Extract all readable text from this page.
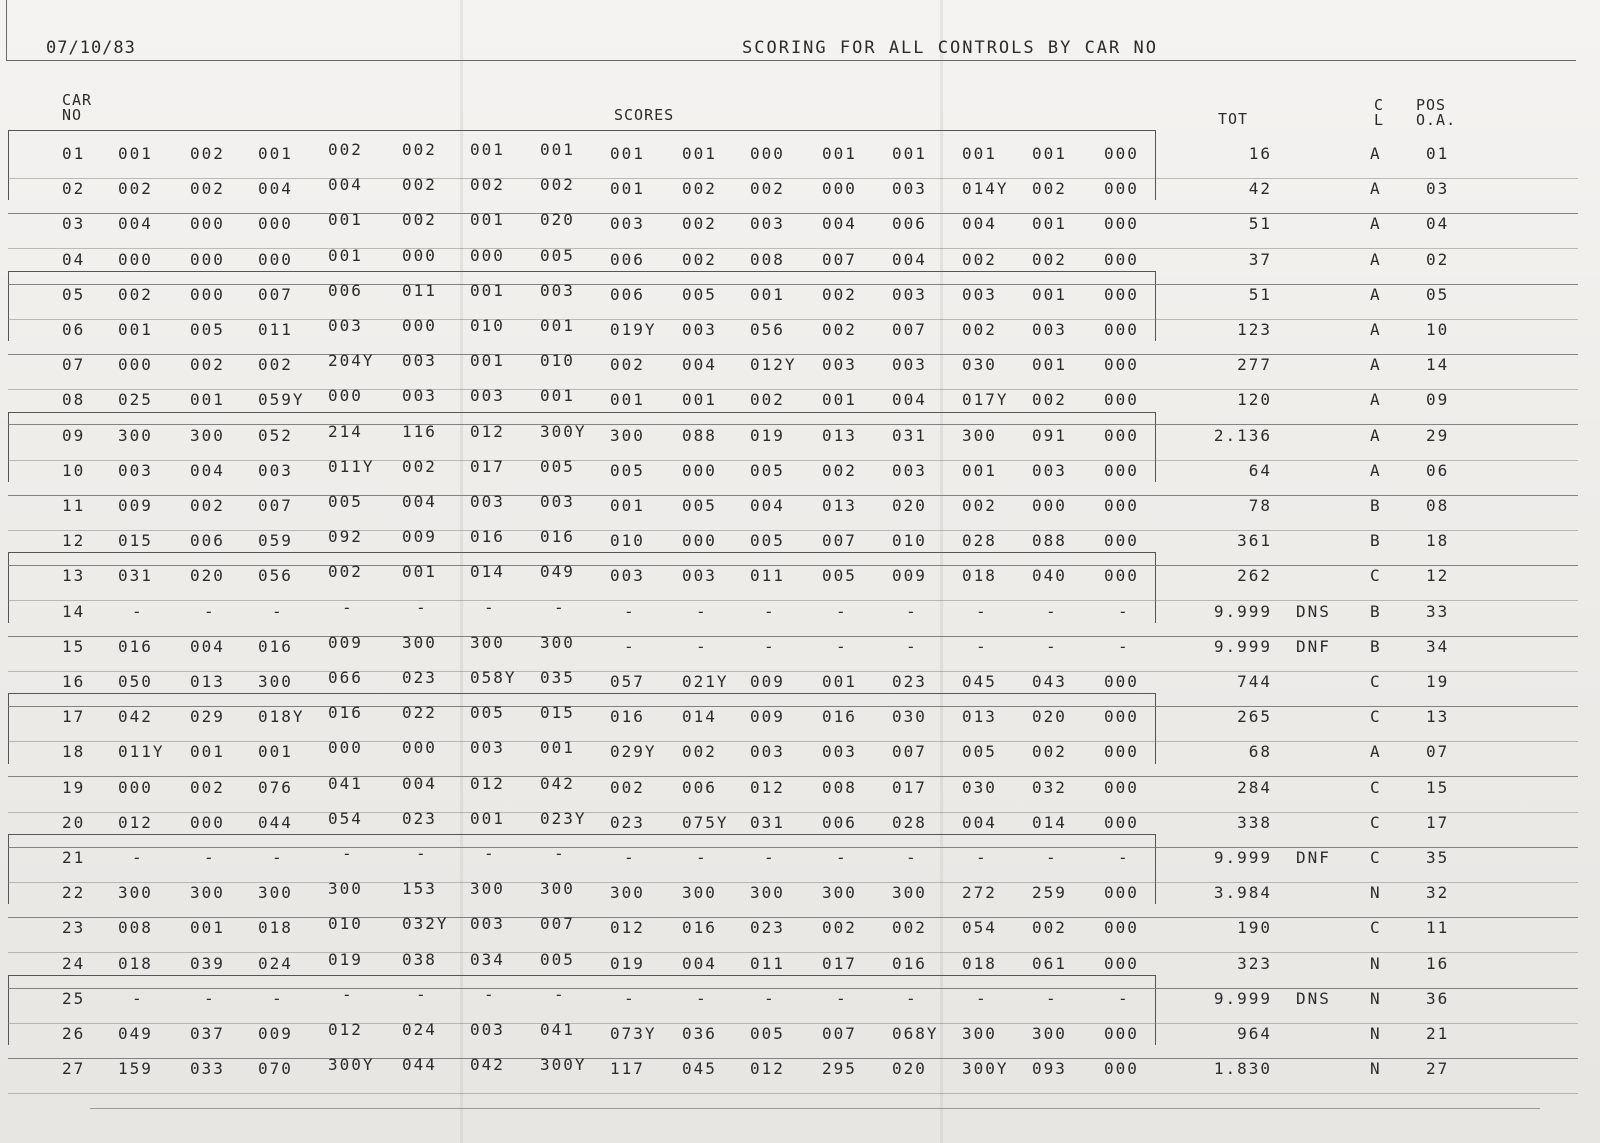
07/10/83	SCORING FOR ALL CONTROLS BY CAR NO
CAR
NO	SCORES	TOT
C
L
POS
O.A.
01 001 002 001 002 002 001 001 001 001 000 001 001 001 001 000	16	A	01
02 002 002 004 004 002 002 002 001 002 002 000 003 014Y 002 000	42	A	03
03 004 000 000 001 002 001 020 003 002 003 004 006 004 001 000	51	A	04
04 000 000 000 001 000 000 005 006 002 008 007 004 002 002 000	37	A	02
05 002 000 007 006 011 001 003 006 005 001 002 003 003 001 000	51	A	05
06 001 005 011 003 000 010 001 019Y 003 056 002 007 002 003 000	123	A	10
07 000 002 002 204Y 003 001 010 002 004 012Y 003 003 030 001 000	277	A	14
08 025 001 059Y 000 003 003 001 001 001 002 001 004 017Y 002 000	120	A	09
09 300 300 052 214 116 012 300Y 300 088 019 013 031 300 091 000	2.136	A	29
10 003 004 003 011Y 002 017 005 005 000 005 002 003 001 003 000	64	A	06
11 009 002 007 005 004 003 003 001 005 004 013 020 002 000 000	78	B	08
12 015 006 059 092 009 016 016 010 000 005 007 010 028 088 000	361	B	18
13 031 020 056 002 001 014 049 003 003 011 005 009 018 040 000	262	C	12
14	-	-	-	-	-	-	-	-	-	-	-	-	-	-	-	9.999 DNS B	33
15 016 004 016 009 300 300 300	-	-	-	-	-	-	-	-	9.999 DNF B	34
16 050 013 300 066 023 058Y 035 057 021Y 009 001 023 045 043 000	744	C	19
17 042 029 018Y 016 022 005 015 016 014 009 016 030 013 020 000	265	C	13
18 011Y 001 001 000 000 003 001 029Y 002 003 003 007 005 002 000	68	A	07
19 000 002 076 041 004 012 042 002 006 012 008 017 030 032 000	284	C	15
20 012 000 044 054 023 001 023Y 023 075Y 031 006 028 004 014 000	338	C	17
21	-	-	-	-	-	-	-	-	-	-	-	-	-	-	-	9.999 DNF C	35
22 300 300 300 300 153 300 300 300 300 300 300 300 272 259 000	3.984	N	32
23 008 001 018 010 032Y 003 007 012 016 023 002 002 054 002 000	190	C	11
24 018 039 024 019 038 034 005 019 004 011 017 016 018 061 000	323	N	16
25	-	-	-	-	-	-	-	-	-	-	-	-	-	-	-	9.999 DNS N	36
26 049 037 009 012 024 003 041 073Y 036 005 007 068Y 300 300 000	964	N	21
27 159 033 070 300Y 044 042 300Y 117 045 012 295 020 300Y 093 000	1.830	N	27
